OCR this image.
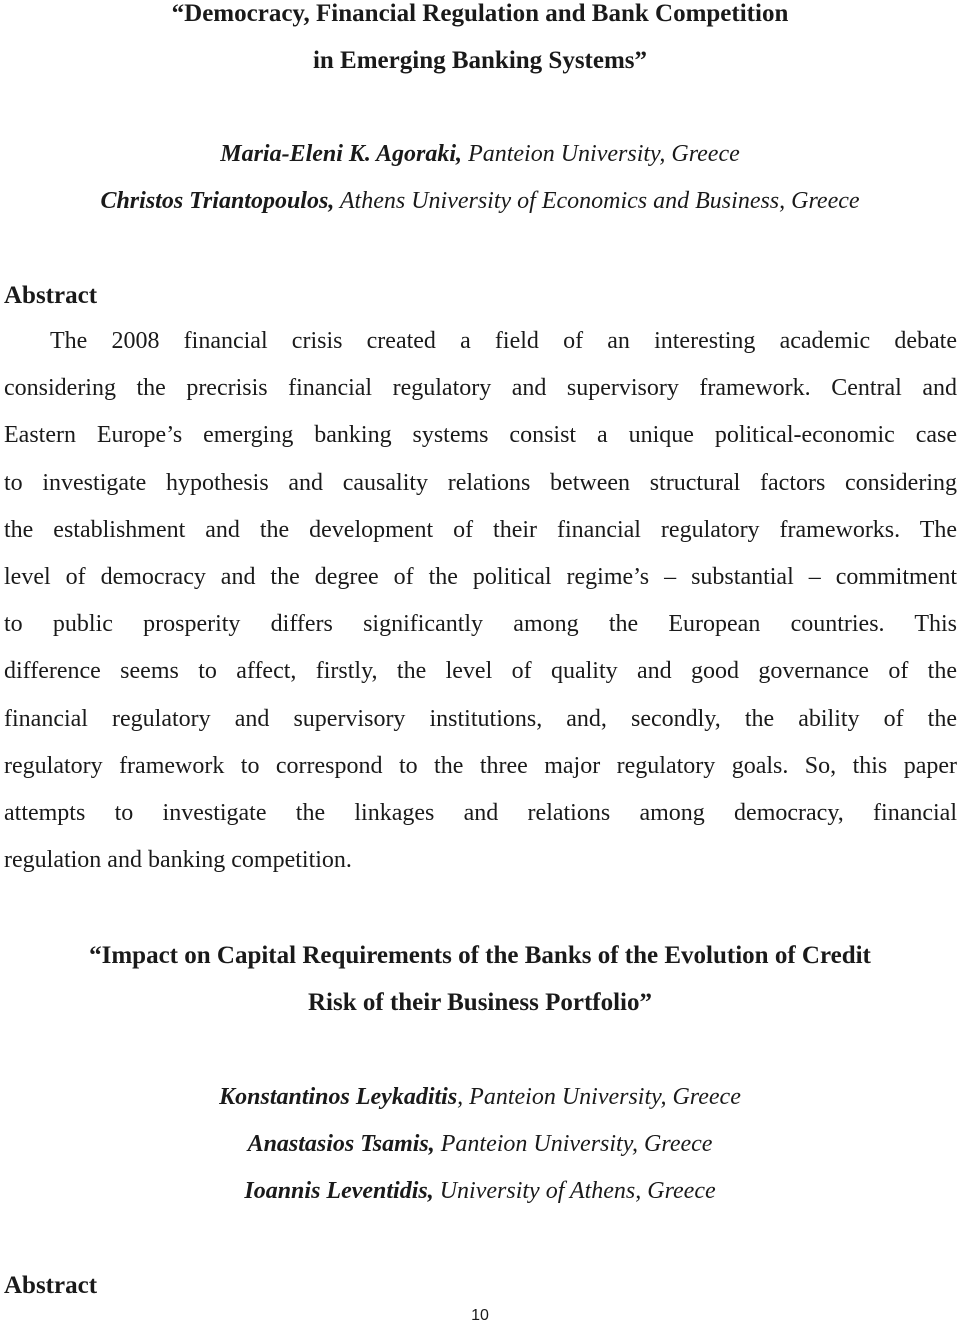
“Democracy, Financial Regulation and Bank Competition
in Emerging Banking Systems”
Maria-Eleni K. Agoraki, Panteion University, Greece
Christos Triantopoulos, Athens University of Economics and Business, Greece
Abstract
The 2008 financial crisis created a field of an interesting academic debate
considering the precrisis financial regulatory and supervisory framework. Central and
Eastern Europe’s emerging banking systems consist a unique political-economic case
to investigate hypothesis and causality relations between structural factors considering
the establishment and the development of their financial regulatory frameworks. The
level of democracy and the degree of the political regime’s – substantial – commitment
to public prosperity differs significantly among the European countries. This
difference seems to affect, firstly, the level of quality and good governance of the
financial regulatory and supervisory institutions, and, secondly, the ability of the
regulatory framework to correspond to the three major regulatory goals. So, this paper
attempts to investigate the linkages and relations among democracy, financial
regulation and banking competition.
“Impact on Capital Requirements of the Banks of the Evolution of Credit
Risk of their Business Portfolio”
Konstantinos Leykaditis, Panteion University, Greece
Anastasios Tsamis, Panteion University, Greece
Ioannis Leventidis, University of Athens, Greece
Abstract
10
